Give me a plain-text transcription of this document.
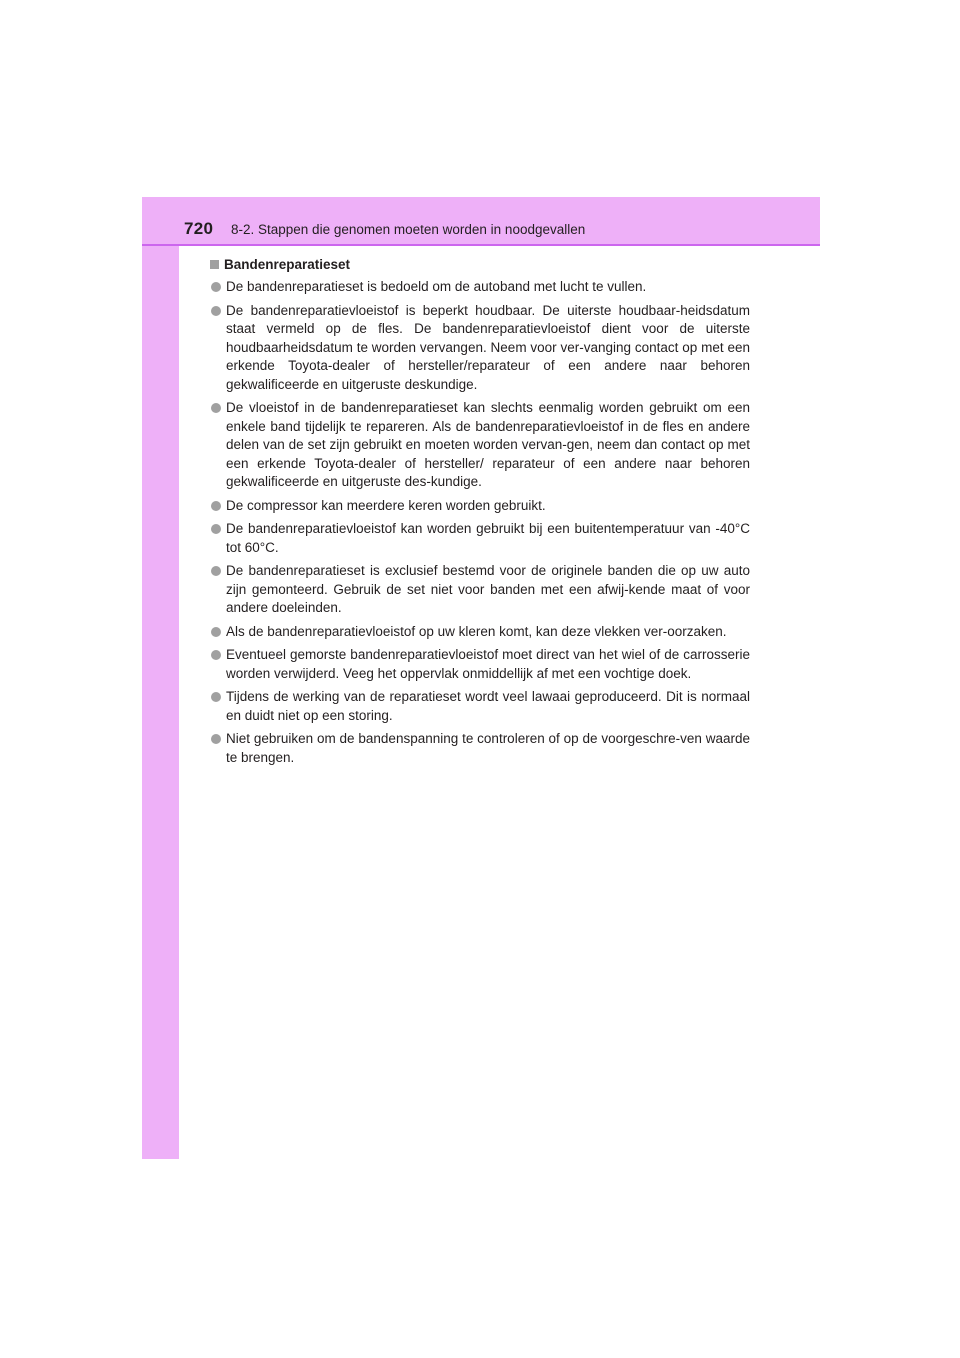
720 8-2. Stappen die genomen moeten worden in noodgevallen
Bandenreparatieset
De bandenreparatieset is bedoeld om de autoband met lucht te vullen.
De bandenreparatievloeistof is beperkt houdbaar. De uiterste houdbaar-heidsdatum staat vermeld op de fles. De bandenreparatievloeistof dient voor de uiterste houdbaarheidsdatum te worden vervangen. Neem voor ver-vanging contact op met een erkende Toyota-dealer of hersteller/reparateur of een andere naar behoren gekwalificeerde en uitgeruste deskundige.
De vloeistof in de bandenreparatieset kan slechts eenmalig worden gebruikt om een enkele band tijdelijk te repareren. Als de bandenreparatievloeistof in de fles en andere delen van de set zijn gebruikt en moeten worden vervan-gen, neem dan contact op met een erkende Toyota-dealer of hersteller/ reparateur of een andere naar behoren gekwalificeerde en uitgeruste des-kundige.
De compressor kan meerdere keren worden gebruikt.
De bandenreparatievloeistof kan worden gebruikt bij een buitentemperatuur van -40°C tot 60°C.
De bandenreparatieset is exclusief bestemd voor de originele banden die op uw auto zijn gemonteerd. Gebruik de set niet voor banden met een afwij-kende maat of voor andere doeleinden.
Als de bandenreparatievloeistof op uw kleren komt, kan deze vlekken ver-oorzaken.
Eventueel gemorste bandenreparatievloeistof moet direct van het wiel of de carrosserie worden verwijderd. Veeg het oppervlak onmiddellijk af met een vochtige doek.
Tijdens de werking van de reparatieset wordt veel lawaai geproduceerd. Dit is normaal en duidt niet op een storing.
Niet gebruiken om de bandenspanning te controleren of op de voorgeschre-ven waarde te brengen.
